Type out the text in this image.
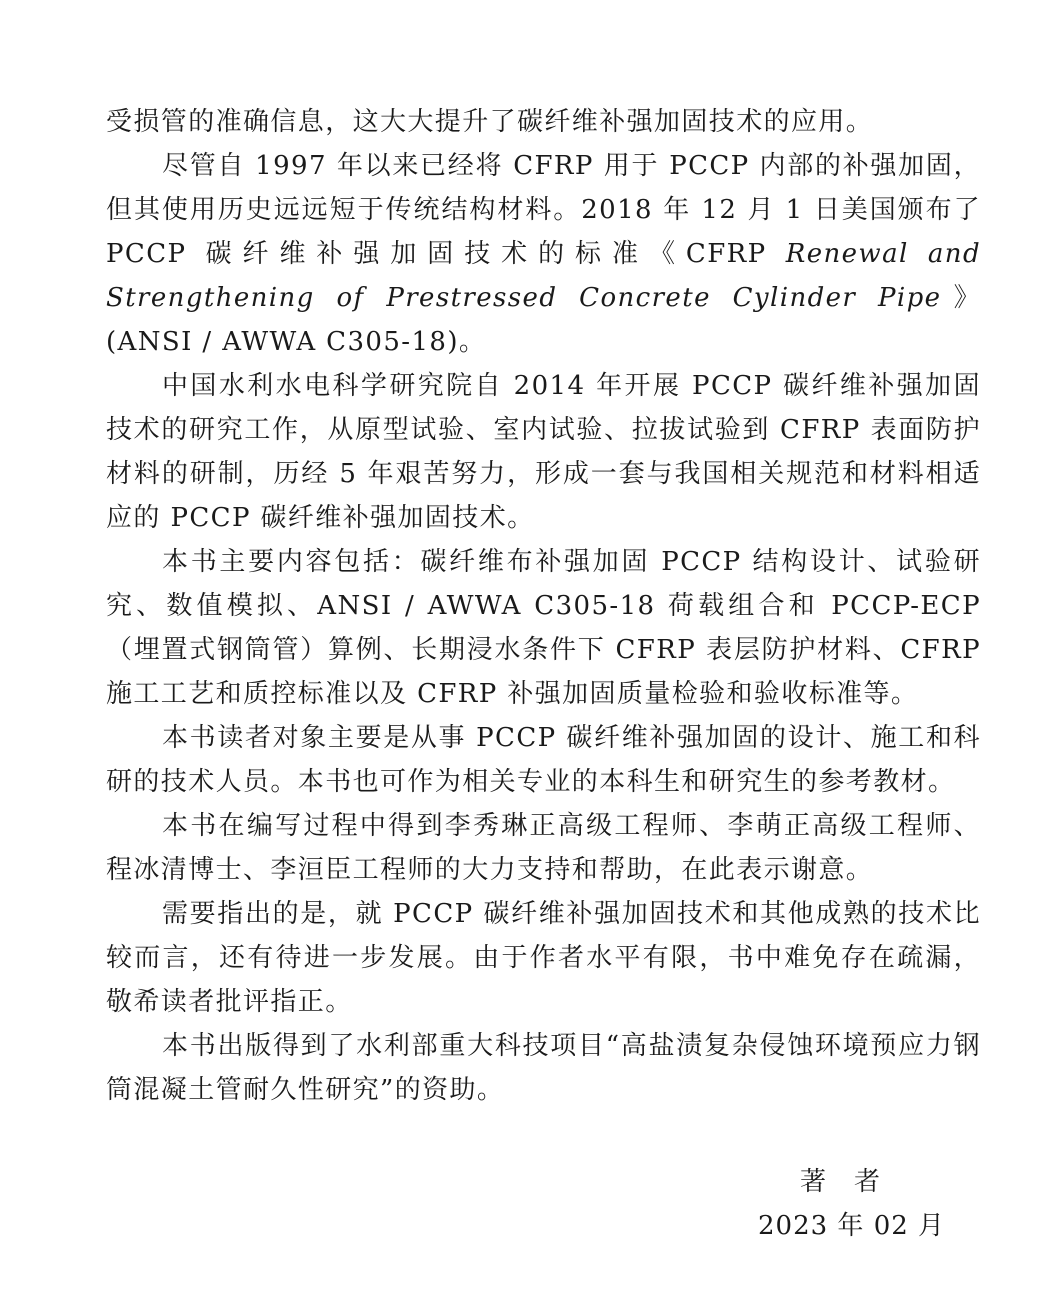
受损管的准确信息，这大大提升了碳纤维补强加固技术的应用。

尽管自 1997 年以来已经将 CFRP 用于 PCCP 内部的补强加固，但其使用历史远远短于传统结构材料。2018 年 12 月 1 日美国颁布了 PCCP 碳纤维补强加固技术的标准《CFRP Renewal and Strengthening of Prestressed Concrete Cylinder Pipe》(ANSI / AWWA C305-18)。

中国水利水电科学研究院自 2014 年开展 PCCP 碳纤维补强加固技术的研究工作，从原型试验、室内试验、拉拔试验到 CFRP 表面防护材料的研制，历经 5 年艰苦努力，形成一套与我国相关规范和材料相适应的 PCCP 碳纤维补强加固技术。

本书主要内容包括：碳纤维布补强加固 PCCP 结构设计、试验研究、数值模拟、ANSI / AWWA C305-18 荷载组合和 PCCP-ECP（埋置式钢筒管）算例、长期浸水条件下 CFRP 表层防护材料、CFRP 施工工艺和质控标准以及 CFRP 补强加固质量检验和验收标准等。

本书读者对象主要是从事 PCCP 碳纤维补强加固的设计、施工和科研的技术人员。本书也可作为相关专业的本科生和研究生的参考教材。

本书在编写过程中得到李秀琳正高级工程师、李萌正高级工程师、程冰清博士、李洹臣工程师的大力支持和帮助，在此表示谢意。

需要指出的是，就 PCCP 碳纤维补强加固技术和其他成熟的技术比较而言，还有待进一步发展。由于作者水平有限，书中难免存在疏漏，敬希读者批评指正。

本书出版得到了水利部重大科技项目“高盐渍复杂侵蚀环境预应力钢筒混凝土管耐久性研究”的资助。

著者
2023 年 02 月
